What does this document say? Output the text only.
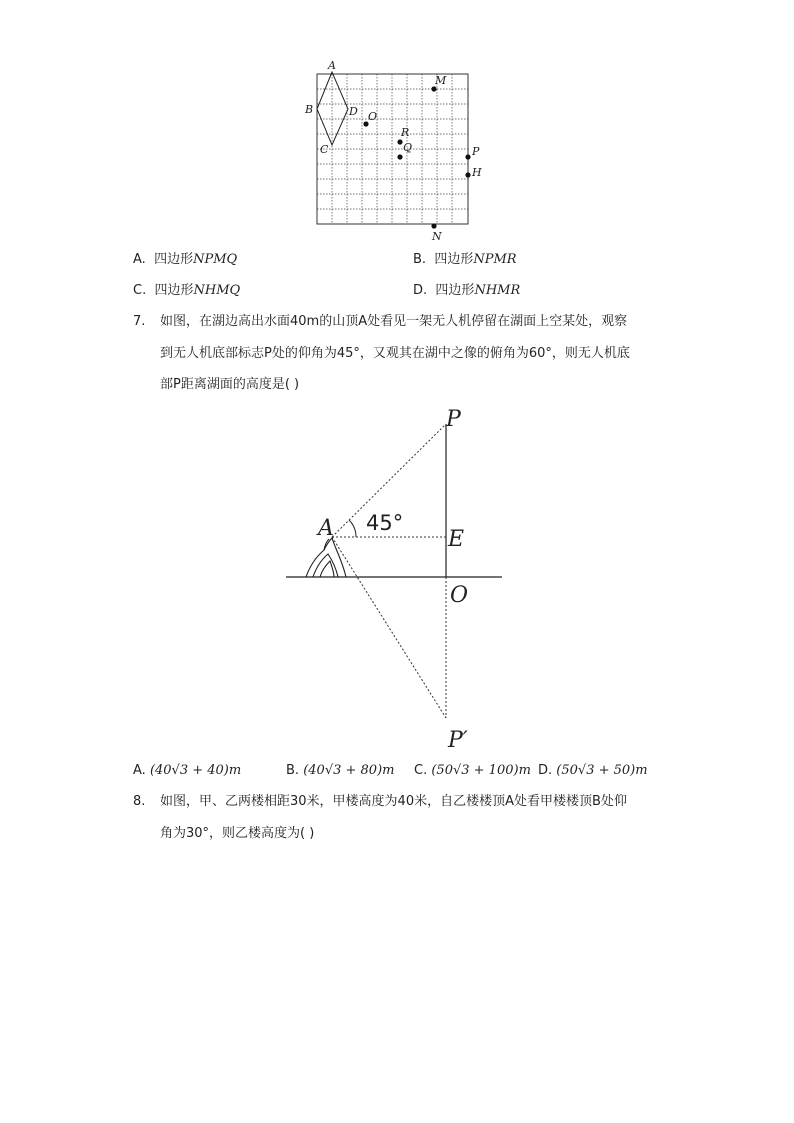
A
B
C
D O
M
R
Q	P
H
N
A. 四边形NPMQ	B. 四边形NPMR
C. 四边形NHMQ	D. 四边形NHMR
7. 如图，在湖边高出水面40m的山顶A处看见一架无人机停留在湖面上空某处，观察
到无人机底部标志P处的仰角为45°，又观其在湖中之像的俯角为60°，则无人机底
部P距离湖面的高度是( )
P
A	E
O
P′
45°
A. (40√3 + 40)m	B. (40√3 + 80)m C. (50√3 + 100)m D. (50√3 + 50)m
8. 如图，甲、乙两楼相距30米，甲楼高度为40米，自乙楼楼顶A处看甲楼楼顶B处仰
角为30°，则乙楼高度为( )
